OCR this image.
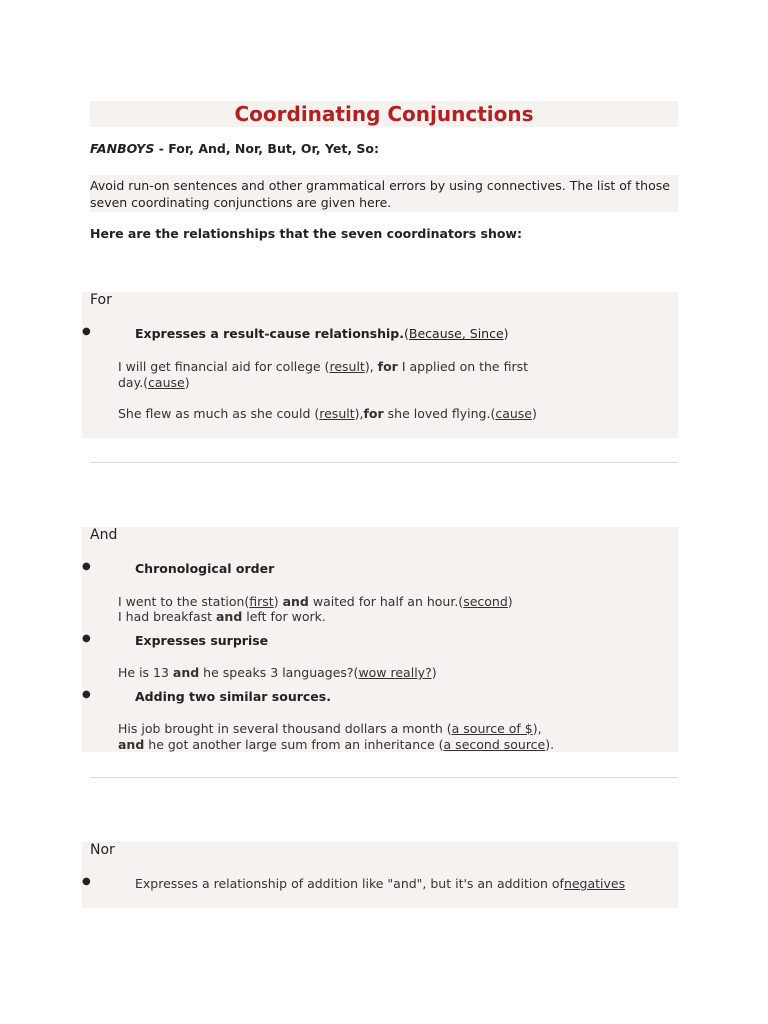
Coordinating Conjunctions
FANBOYS - For, And, Nor, But, Or, Yet, So:
Avoid run-on sentences and other grammatical errors by using connectives. The list of those
seven coordinating conjunctions are given here.
Here are the relationships that the seven coordinators show:
For
●	Expresses a result-cause relationship.(Because, Since)
I will get financial aid for college (result), for I applied on the first
day.(cause)
She flew as much as she could (result),for she loved flying.(cause)
And
●	Chronological order
I went to the station(first) and waited for half an hour.(second)
I had breakfast and left for work.
●	Expresses surprise
He is 13 and he speaks 3 languages?(wow really?)
●	Adding two similar sources.
His job brought in several thousand dollars a month (a source of $),
and he got another large sum from an inheritance (a second source).
Nor
●	Expresses a relationship of addition like "and", but it's an addition ofnegatives
